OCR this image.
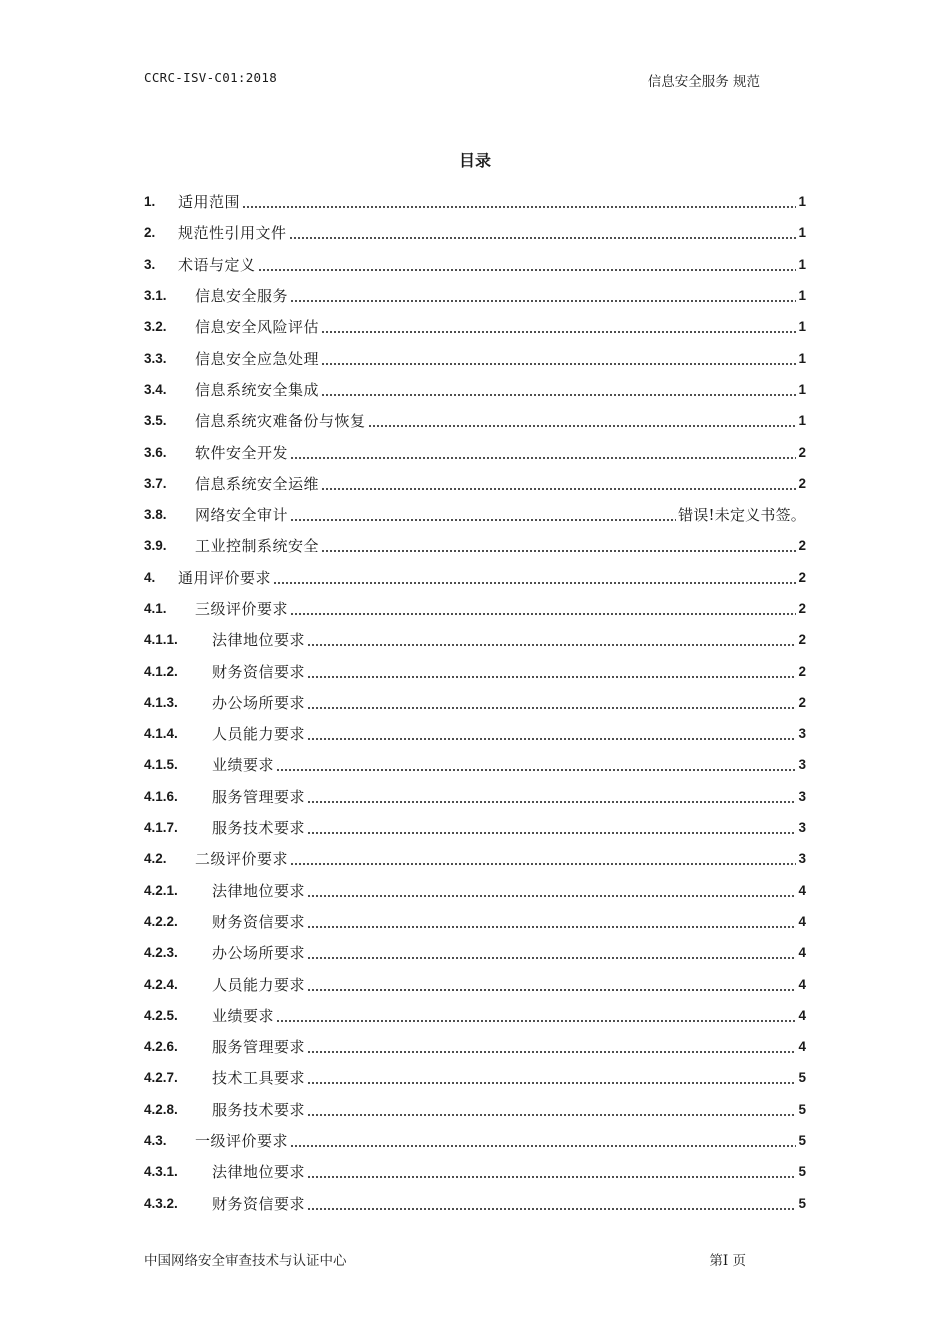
CCRC-ISV-C01:2018	信息安全服务 规范
目录
1.	适用范围	1
2.	规范性引用文件	1
3.	术语与定义	1
3.1.	信息安全服务	1
3.2.	信息安全风险评估	1
3.3.	信息安全应急处理	1
3.4.	信息系统安全集成	1
3.5.	信息系统灾难备份与恢复	1
3.6.	软件安全开发	2
3.7.	信息系统安全运维	2
3.8.	网络安全审计	错误!未定义书签。
3.9.	工业控制系统安全	2
4.	通用评价要求	2
4.1.	三级评价要求	2
4.1.1.	法律地位要求	2
4.1.2.	财务资信要求	2
4.1.3.	办公场所要求	2
4.1.4.	人员能力要求	3
4.1.5.	业绩要求	3
4.1.6.	服务管理要求	3
4.1.7.	服务技术要求	3
4.2.	二级评价要求	3
4.2.1.	法律地位要求	4
4.2.2.	财务资信要求	4
4.2.3.	办公场所要求	4
4.2.4.	人员能力要求	4
4.2.5.	业绩要求	4
4.2.6.	服务管理要求	4
4.2.7.	技术工具要求	5
4.2.8.	服务技术要求	5
4.3.	一级评价要求	5
4.3.1.	法律地位要求	5
4.3.2.	财务资信要求	5
中国网络安全审查技术与认证中心	第I 页
